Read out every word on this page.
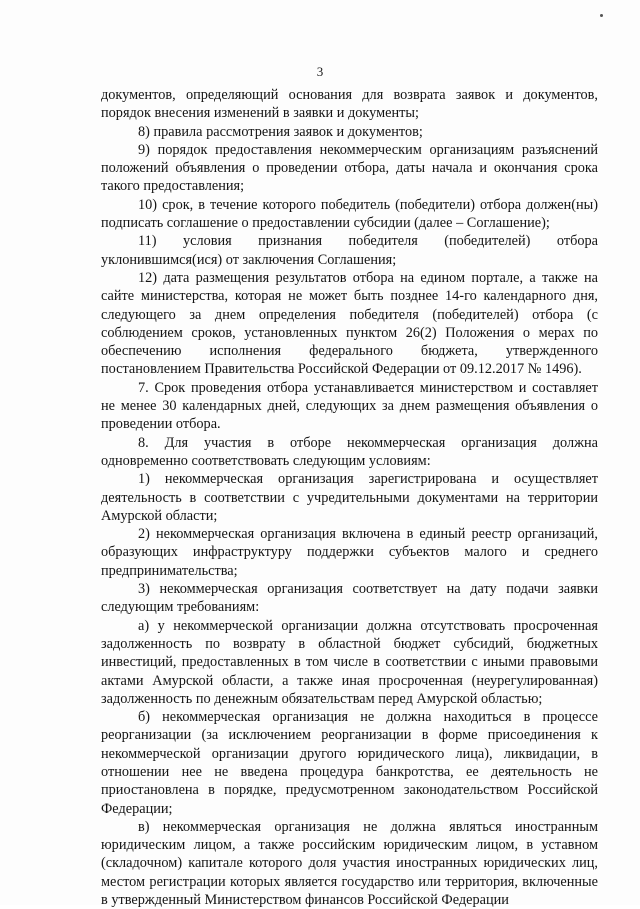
3

документов, определяющий основания для возврата заявок и документов, порядок внесения изменений в заявки и документы;

8) правила рассмотрения заявок и документов;

9) порядок предоставления некоммерческим организациям разъяснений положений объявления о проведении отбора, даты начала и окончания срока такого предоставления;

10) срок, в течение которого победитель (победители) отбора должен(ны) подписать соглашение о предоставлении субсидии (далее – Соглашение);

11) условия признания победителя (победителей) отбора уклонившимся(ися) от заключения Соглашения;

12) дата размещения результатов отбора на едином портале, а также на сайте министерства, которая не может быть позднее 14-го календарного дня, следующего за днем определения победителя (победителей) отбора (с соблюдением сроков, установленных пунктом 26(2) Положения о мерах по обеспечению исполнения федерального бюджета, утвержденного постановлением Правительства Российской Федерации от 09.12.2017 № 1496).

7. Срок проведения отбора устанавливается министерством и составляет не менее 30 календарных дней, следующих за днем размещения объявления о проведении отбора.

8. Для участия в отборе некоммерческая организация должна одновременно соответствовать следующим условиям:

1) некоммерческая организация зарегистрирована и осуществляет деятельность в соответствии с учредительными документами на территории Амурской области;

2) некоммерческая организация включена в единый реестр организаций, образующих инфраструктуру поддержки субъектов малого и среднего предпринимательства;

3) некоммерческая организация соответствует на дату подачи заявки следующим требованиям:

а) у некоммерческой организации должна отсутствовать просроченная задолженность по возврату в областной бюджет субсидий, бюджетных инвестиций, предоставленных в том числе в соответствии с иными правовыми актами Амурской области, а также иная просроченная (неурегулированная) задолженность по денежным обязательствам перед Амурской областью;

б) некоммерческая организация не должна находиться в процессе реорганизации (за исключением реорганизации в форме присоединения к некоммерческой организации другого юридического лица), ликвидации, в отношении нее не введена процедура банкротства, ее деятельность не приостановлена в порядке, предусмотренном законодательством Российской Федерации;

в) некоммерческая организация не должна являться иностранным юридическим лицом, а также российским юридическим лицом, в уставном (складочном) капитале которого доля участия иностранных юридических лиц, местом регистрации которых является государство или территория, включенные в утвержденный Министерством финансов Российской Федерации
